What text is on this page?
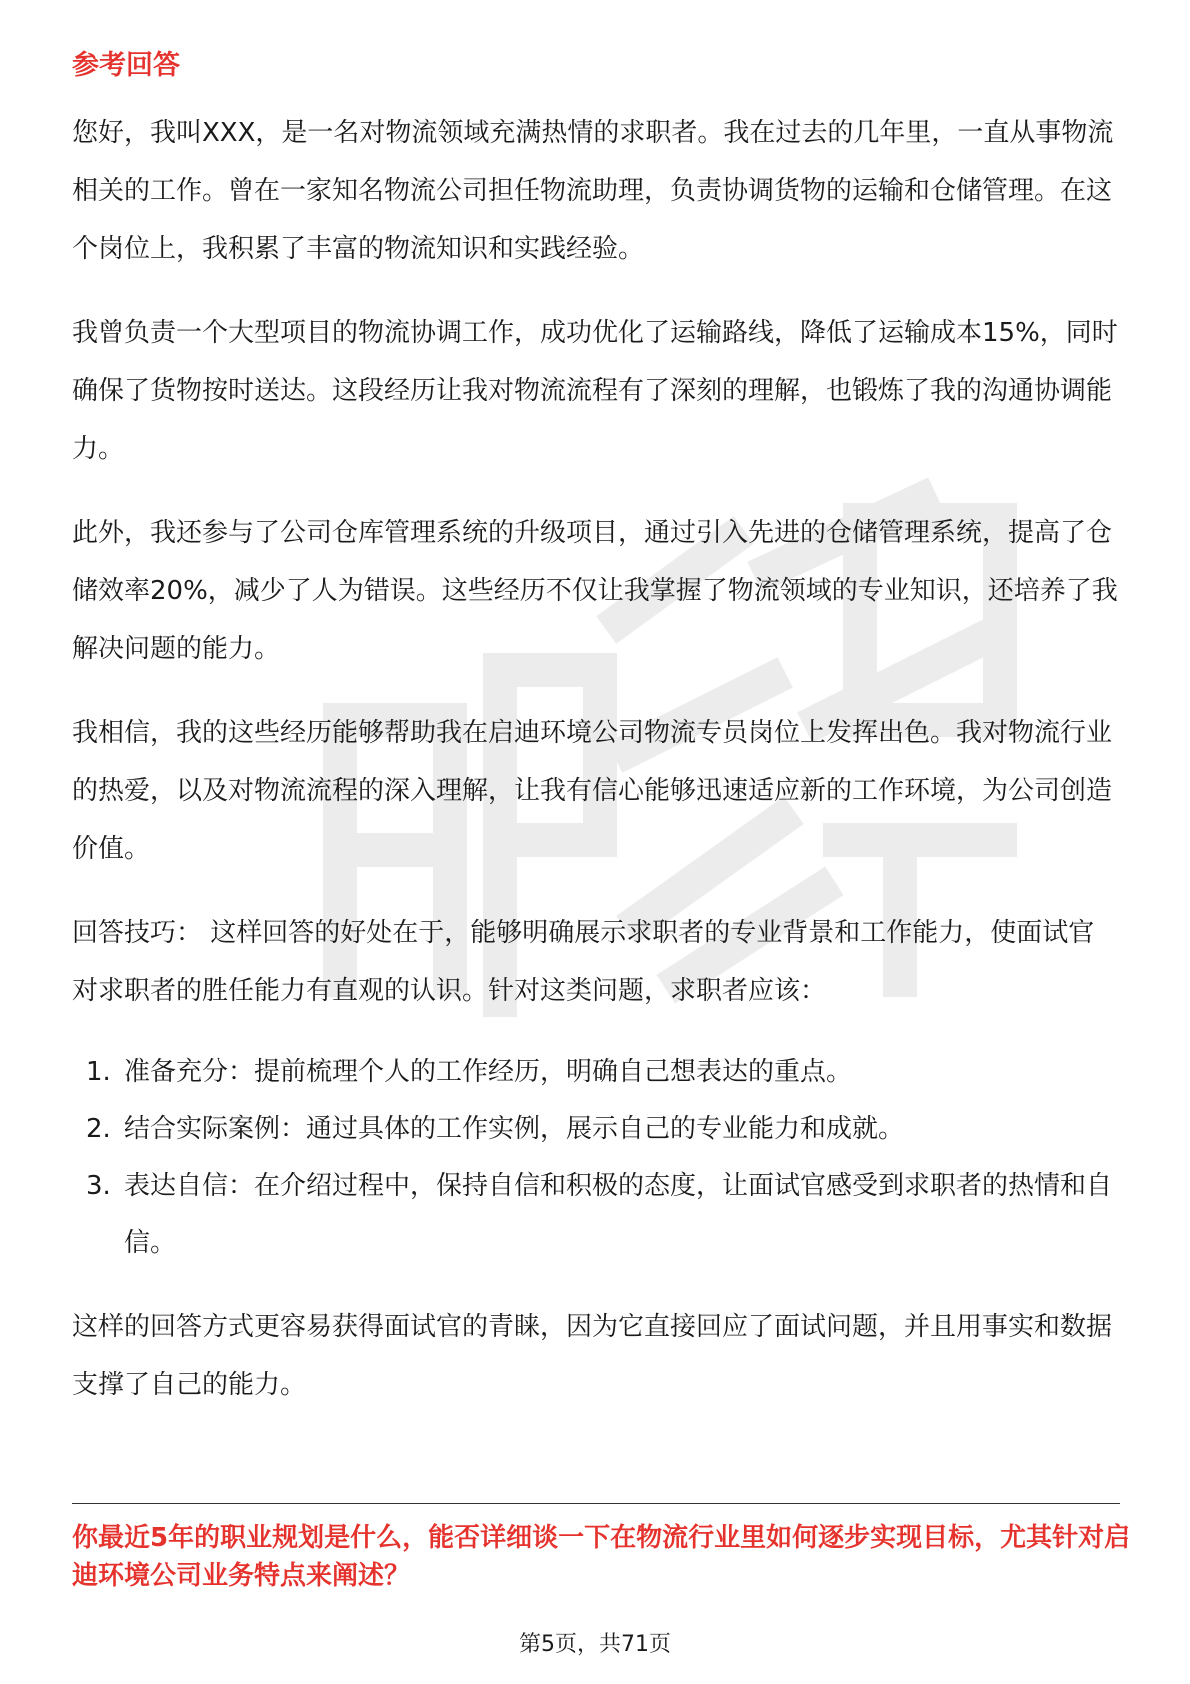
参考回答

您好，我叫XXX，是一名对物流领域充满热情的求职者。我在过去的几年里，一直从事物流相关的工作。曾在一家知名物流公司担任物流助理，负责协调货物的运输和仓储管理。在这个岗位上，我积累了丰富的物流知识和实践经验。

我曾负责一个大型项目的物流协调工作，成功优化了运输路线，降低了运输成本15%，同时确保了货物按时送达。这段经历让我对物流流程有了深刻的理解，也锻炼了我的沟通协调能力。

此外，我还参与了公司仓库管理系统的升级项目，通过引入先进的仓储管理系统，提高了仓储效率20%，减少了人为错误。这些经历不仅让我掌握了物流领域的专业知识，还培养了我解决问题的能力。

我相信，我的这些经历能够帮助我在启迪环境公司物流专员岗位上发挥出色。我对物流行业的热爱，以及对物流流程的深入理解，让我有信心能够迅速适应新的工作环境，为公司创造价值。

回答技巧： 这样回答的好处在于，能够明确展示求职者的专业背景和工作能力，使面试官对求职者的胜任能力有直观的认识。针对这类问题，求职者应该：

1. 准备充分：提前梳理个人的工作经历，明确自己想表达的重点。
2. 结合实际案例：通过具体的工作实例，展示自己的专业能力和成就。
3. 表达自信：在介绍过程中，保持自信和积极的态度，让面试官感受到求职者的热情和自信。

这样的回答方式更容易获得面试官的青睐，因为它直接回应了面试问题，并且用事实和数据支撑了自己的能力。

你最近5年的职业规划是什么，能否详细谈一下在物流行业里如何逐步实现目标，尤其针对启迪环境公司业务特点来阐述？
第5页，共71页
